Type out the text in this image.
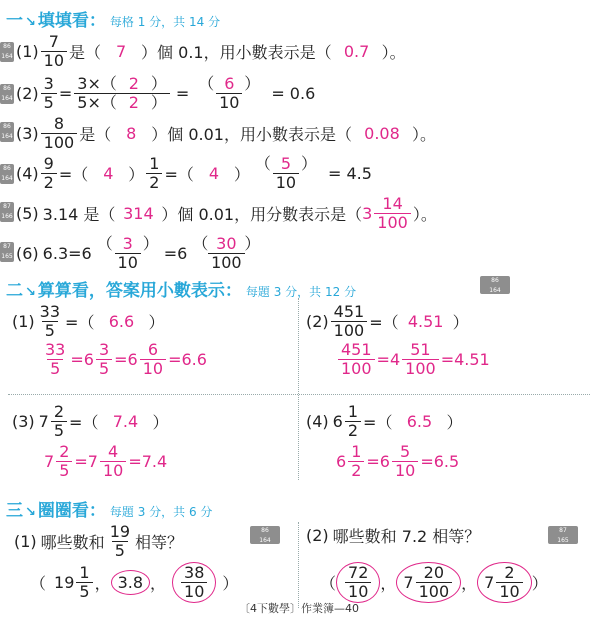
一 ↘ 填填看： 每格 1 分，共 14 分
86
164
86
164
86
164
86
164
87
166
87
165
$(1) \frac{7}{10}$ 是（ 7 ）個 0.1，用小數表示是（ 0.7 ）。
$(2) \frac{3}{5} = \frac{3\times( 2 )}{5\times( 2 )} = \frac{( 6 )}{10} = 0.6$
$(3) \frac{8}{100}$ 是（ 8 ）個 0.01，用小數表示是（ 0.08 ）。
$(4) \frac{9}{2}$ =（ 4 ） $\frac{1}{2}$ =（ 4 ） $\frac{( 5 )}{10} = 4.5$
(5) 3.14 是（ 314 ）個 0.01，用分數表示是（ $3 \frac{14}{100}$ ）。
(6) $6.3=6 \frac{( 3 )}{10} =6 \frac{( 30 )}{100}$
二 ↘ 算算看，答案用小數表示： 每題 3 分，共 12 分
86
164
$(1) \frac{33}{5}$ =（ 6.6 ）
$\frac{33}{5} =6 \frac{3}{5} =6 \frac{6}{10} =6.6$
$(2) \frac{451}{100}$ =（ 4.51 ）
$\frac{451}{100} =4 \frac{51}{100} =4.51$
(3) $7 \frac{2}{5}$ =（ 7.4 ）
$7 \frac{2}{5} =7 \frac{4}{10} =7.4$
(4) $6 \frac{1}{2}$ =（ 6.5 ）
$6 \frac{1}{2} =6 \frac{5}{10} =6.5$
三 ↘ 圈圈看： 每題 3 分，共 6 分
(1) 哪些數和 $\frac{19}{5}$ 相等？
86
164
（ $19 \frac{1}{5}$ ， 3.8 ， $\frac{38}{10}$ ）
(2) 哪些數和 7.2 相等？	87
165
（ $\frac{72}{10}$ ， $7 \frac{20}{100}$ ， $7 \frac{2}{10}$ ）
〔4下數學〕作業簿—40
